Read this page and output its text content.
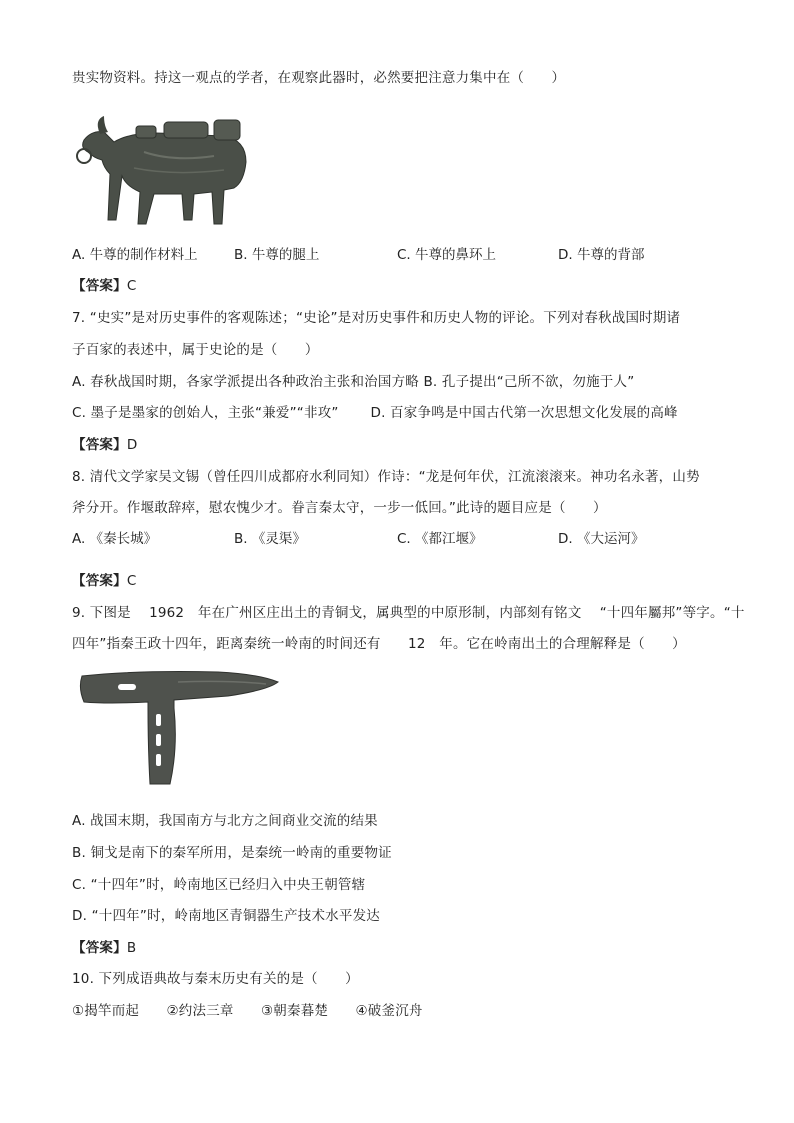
贵实物资料。持这一观点的学者，在观察此器时，必然要把注意力集中在（　　）
A. 牛尊的制作材料上	B. 牛尊的腿上	C. 牛尊的鼻环上	D. 牛尊的背部
【答案】C
7. “史实”是对历史事件的客观陈述；“史论”是对历史事件和历史人物的评论。下列对春秋战国时期诸
子百家的表述中，属于史论的是（　　）
A. 春秋战国时期，各家学派提出各种政治主张和治国方略 B. 孔子提出“己所不欲，勿施于人”
C. 墨子是墨家的创始人，主张“兼爱”“非攻”　　 D. 百家争鸣是中国古代第一次思想文化发展的高峰
【答案】D
8. 清代文学家吴文锡（曾任四川成都府水利同知）作诗：“龙是何年伏，江流滚滚来。神功名永著，山势
斧分开。作堰敢辞瘁，慰农愧少才。眷言秦太守，一步一低回。”此诗的题目应是（　　）
A. 《秦长城》	B. 《灵渠》	C. 《都江堰》	D. 《大运河》
【答案】C
9. 下图是　 1962　年在广州区庄出土的青铜戈，属典型的中原形制，内部刻有铭文　 “十四年屬邦”等字。“十
四年”指秦王政十四年，距离秦统一岭南的时间还有　　12　年。它在岭南出土的合理解释是（　　）
A. 战国末期，我国南方与北方之间商业交流的结果
B. 铜戈是南下的秦军所用，是秦统一岭南的重要物证
C. “十四年”时，岭南地区已经归入中央王朝管辖
D. “十四年”时，岭南地区青铜器生产技术水平发达
【答案】B
10. 下列成语典故与秦末历史有关的是（　　）
①揭竿而起　　②约法三章　　③朝秦暮楚　　④破釜沉舟
